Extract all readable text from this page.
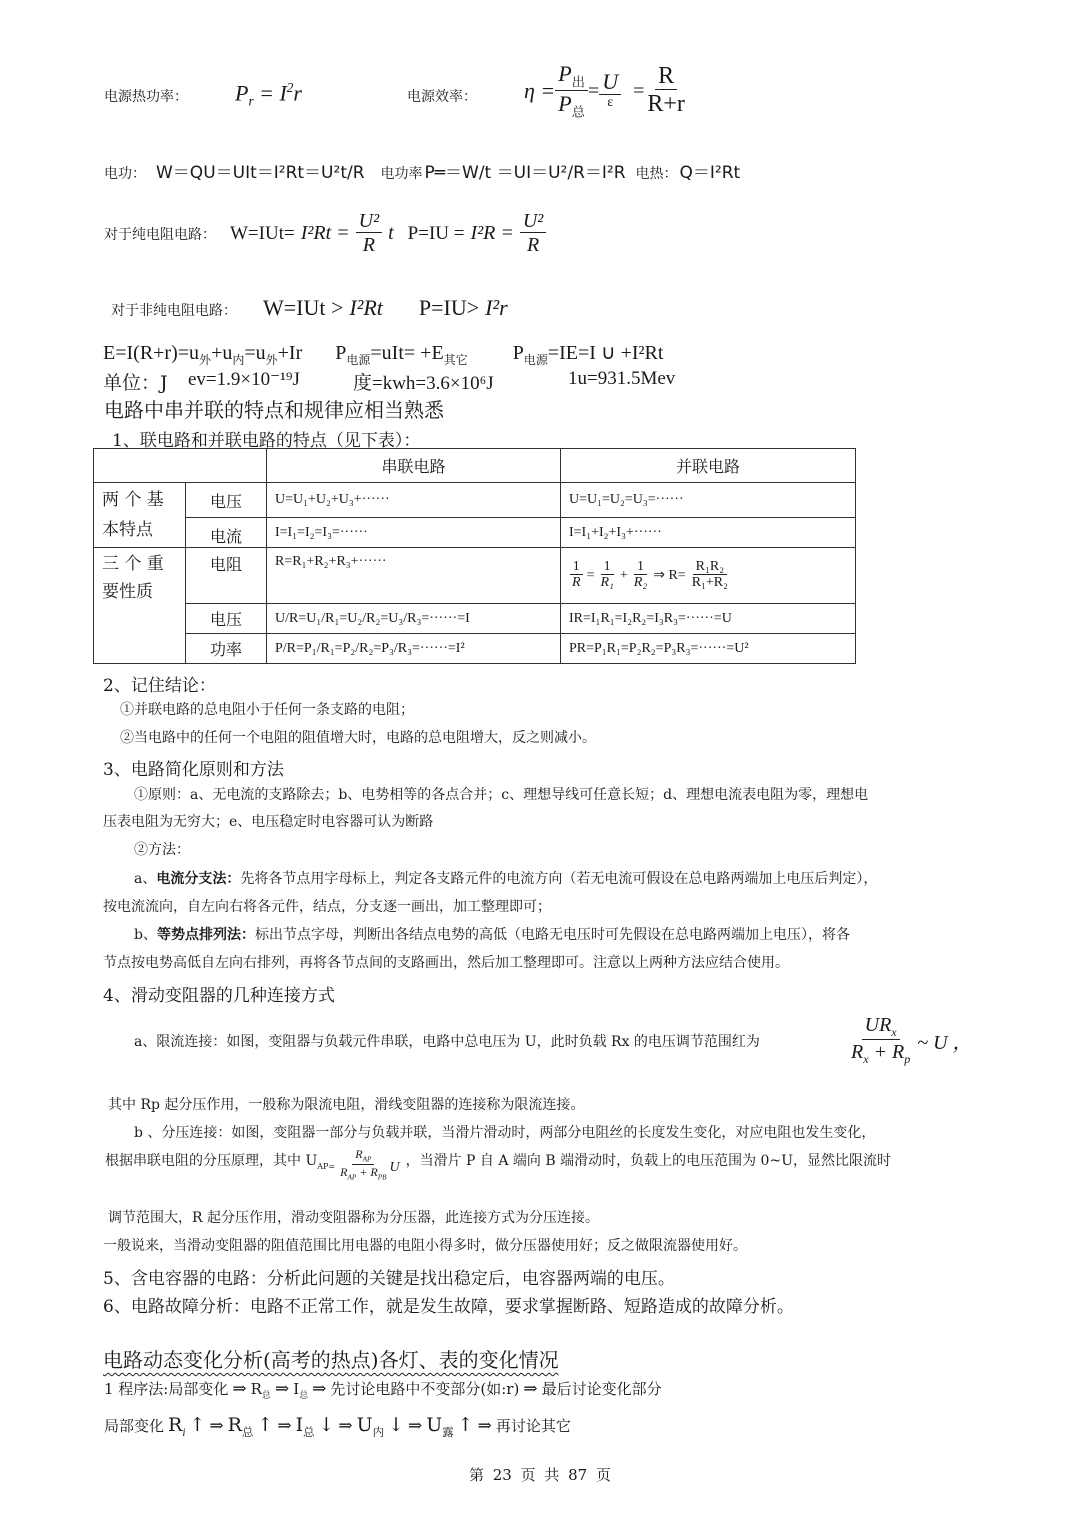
电源热功率： $P_r = I^2r$	电源效率： $\eta = \frac{P_出}{P_总} = \frac{U}{\varepsilon} = \frac{R}{R+r}$
电功： W＝QU＝UIt＝I²Rt＝U²t/R 电功率 P═＝W/t ＝UI＝U²/R＝I²R 电热： Q＝I²Rt
对于纯电阻电路： $W=IUt= I^2Rt = \frac{\text{U²}}{R}$ t $P=IU = I^2R = \frac{\text{U²}}{R}$
对于非纯电阻电路： W=IUt > I²Rt P=IU> I²r
$E=I(R+r)=u_外+u_内=u_外+Ir$ $P_{电源}=uIt= +E_{其它}$ $P_{电源}=IE=I$ ∪ +I²Rt
单位：J	ev=1.9×10⁻¹⁹J	度=kwh=3.6×10⁶J	1u=931.5Mev
电路中串并联的特点和规律应相当熟悉
1、联电路和并联电路的特点（见下表）：
		串联电路	并联电路

两 个 基
本特点	电压	U=U₁+U₂+U₃+······	U=U₁=U₂=U₃=······
	电流	I=I₁=I₂=I₃=······	I=I₁+I₂+I₃+······

三 个 重
要性质
	电阻	R=R₁+R₂+R₃+······	$\frac{1}{R} = \frac{1}{\text{R₁}} + \frac{1}{\text{R₂}}$ ⇒ $R= \frac{\text{R₁R₂}}{\text{R₁+R₂}}$

	电压	U/R=U₁/R₁=U₂/R₂=U₃/R₃=······=I	IR=I₁R₁=I₂R₂=I₃R₃=······=U
	功率	P/R=P₁/R₁=P₂/R₂=P₃/R₃=······=I²	PR=P₁R₁=P₂R₂=P₃R₃=······=U²
2、记住结论：
①并联电路的总电阻小于任何一条支路的电阻；
②当电路中的任何一个电阻的阻值增大时，电路的总电阻增大，反之则减小。
3、电路简化原则和方法
①原则：a、无电流的支路除去；b、电势相等的各点合并；c、理想导线可任意长短；d、理想电流表电阻为零，理想电
压表电阻为无穷大；e、电压稳定时电容器可认为断路
②方法：
a、电流分支法：先将各节点用字母标上，判定各支路元件的电流方向（若无电流可假设在总电路两端加上电压后判定），
按电流流向，自左向右将各元件，结点，分支逐一画出，加工整理即可；
b、等势点排列法：标出节点字母，判断出各结点电势的高低（电路无电压时可先假设在总电路两端加上电压），将各
节点按电势高低自左向右排列，再将各节点间的支路画出，然后加工整理即可。注意以上两种方法应结合使用。
4、滑动变阻器的几种连接方式
a、限流连接：如图，变阻器与负载元件串联，电路中总电压为 U，此时负载 Rx 的电压调节范围红为	$\frac{UR_x}{R_x + R_p}$ ~ U ，
其中 Rp 起分压作用，一般称为限流电阻，滑线变阻器的连接称为限流连接。
b 、分压连接：如图，变阻器一部分与负载并联，当滑片滑动时，两部分电阻丝的长度发生变化，对应电阻也发生变化，
根据串联电阻的分压原理，其中 U $AP= \frac{R_{AP}}{R_{AP} + R_{PB}}$ U ，当滑片 P 自 A 端向 B 端滑动时，负载上的电压范围为 0~U，显然比限流时
调节范围大，R 起分压作用，滑动变阻器称为分压器，此连接方式为分压连接。
一般说来，当滑动变阻器的阻值范围比用电器的电阻小得多时，做分压器使用好；反之做限流器使用好。
5、含电容器的电路：分析此问题的关键是找出稳定后，电容器两端的电压。
6、电路故障分析：电路不正常工作，就是发生故障，要求掌握断路、短路造成的故障分析。
电路动态变化分析(高考的热点)各灯、表的变化情况
1 程序法:局部变化 ⇒ $R_总$ ⇒ $I_总$ ⇒ 先讨论电路中不变部分(如:r) ⇒ 最后讨论变化部分
局部变化 $R_i$ ↑ ⇒ $R_总$ ↑ ⇒ $I_总$ ↓ ⇒ $U_内$ ↓ ⇒ $U_露$ ↑ ⇒ 再讨论其它
第 23 页 共 87 页
